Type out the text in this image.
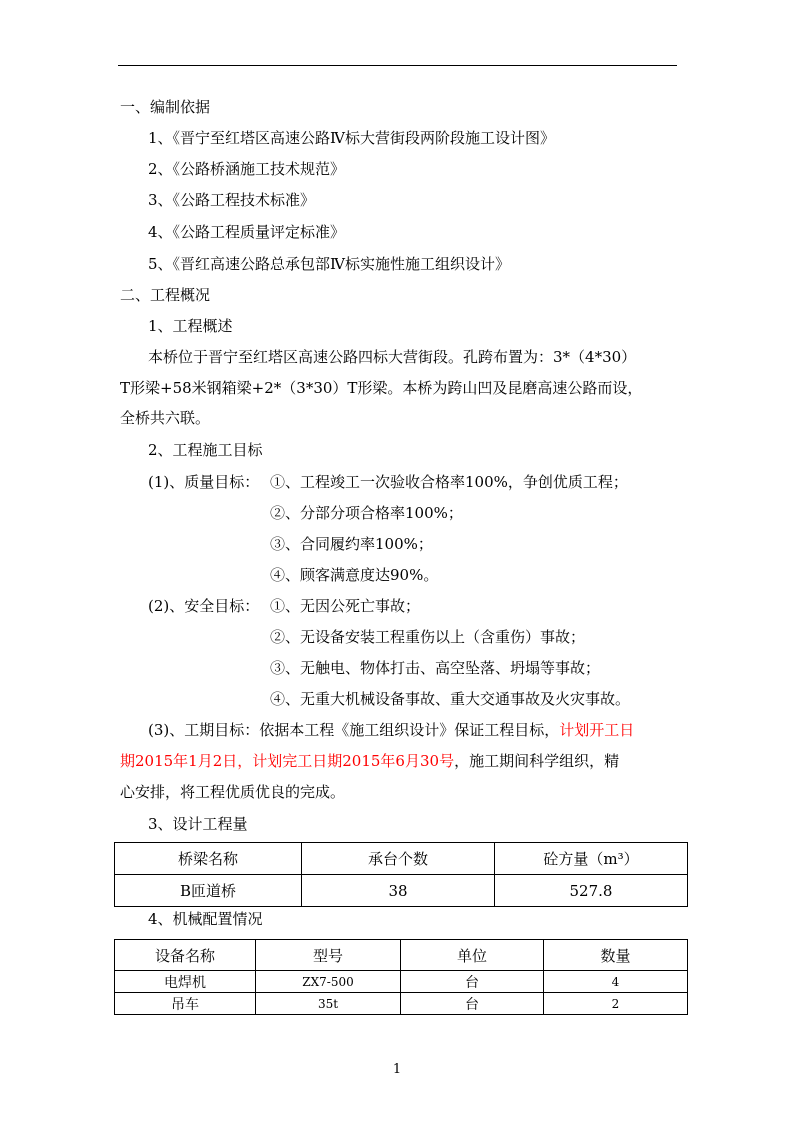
一、编制依据
1、《晋宁至红塔区高速公路Ⅳ标大营街段两阶段施工设计图》
2、《公路桥涵施工技术规范》
3、《公路工程技术标准》
4、《公路工程质量评定标准》
5、《晋红高速公路总承包部Ⅳ标实施性施工组织设计》
二、工程概况
1、工程概述
本桥位于晋宁至红塔区高速公路四标大营街段。孔跨布置为：3*（4*30）
T形梁+58米钢箱梁+2*（3*30）T形梁。本桥为跨山凹及昆磨高速公路而设，
全桥共六联。
2、工程施工目标
(1)、质量目标： ①、工程竣工一次验收合格率100%，争创优质工程；
②、分部分项合格率100%；
③、合同履约率100%；
④、顾客满意度达90%。
(2)、安全目标： ①、无因公死亡事故；
②、无设备安装工程重伤以上（含重伤）事故；
③、无触电、物体打击、高空坠落、坍塌等事故；
④、无重大机械设备事故、重大交通事故及火灾事故。
(3)、工期目标：依据本工程《施工组织设计》保证工程目标，计划开工日
期2015年1月2日，计划完工日期2015年6月30号，施工期间科学组织，精
心安排，将工程优质优良的完成。
3、设计工程量
桥梁名称	承台个数	砼方量（m³）
B匝道桥	38	527.8
4、机械配置情况
设备名称	型号	单位	数量
电焊机	ZX7-500	台	4
吊车	35t	台	2
1
